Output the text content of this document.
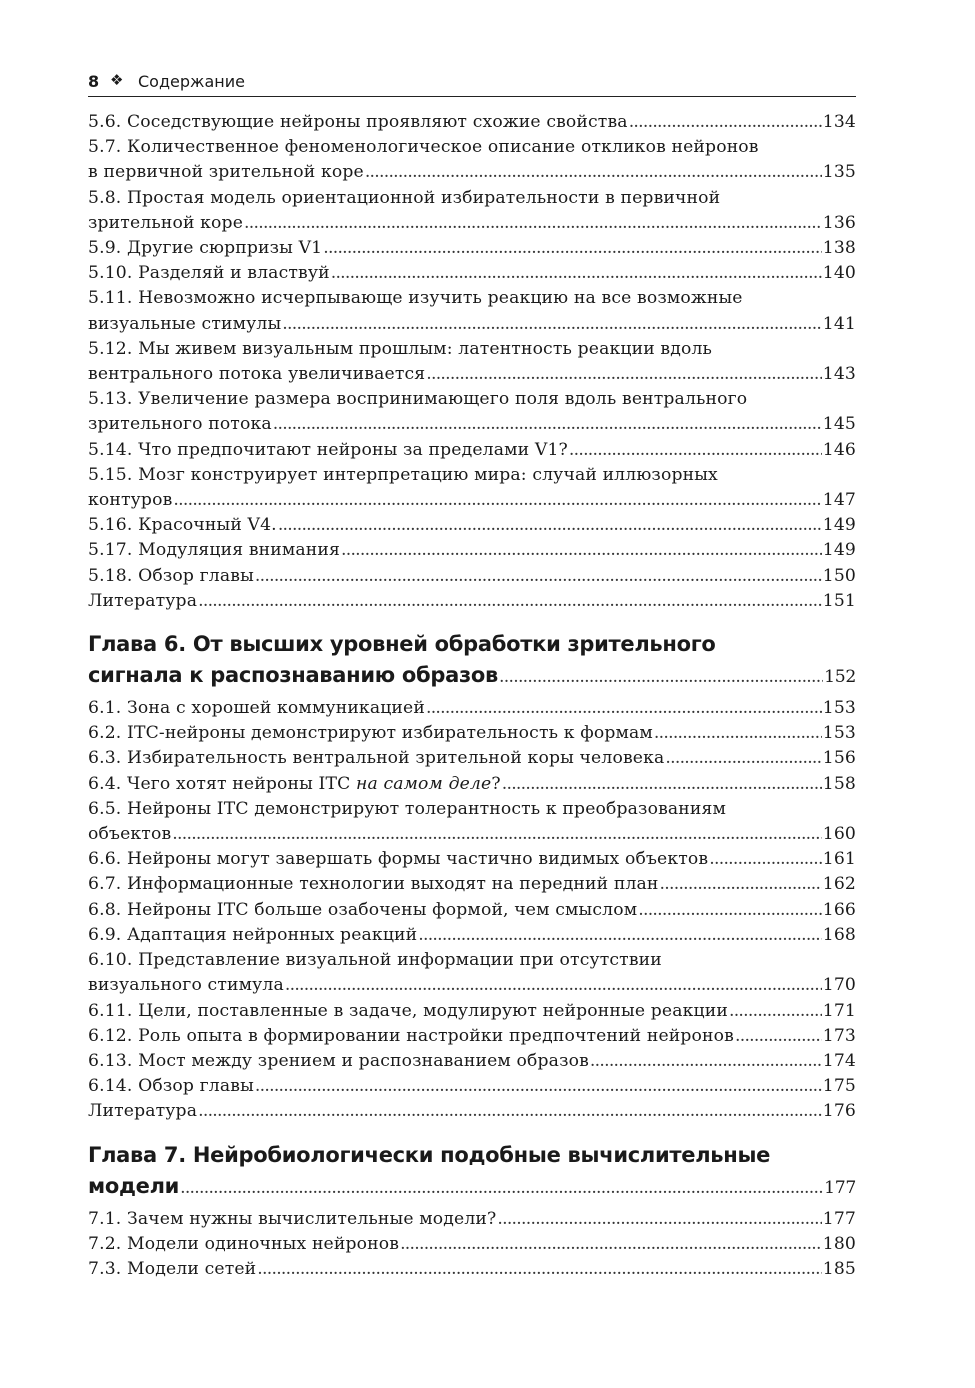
8 ❖ Содержание
5.6. Соседствующие нейроны проявляют схожие свойства . . .	134
5.7. Количественное феноменологическое описание откликов нейронов
в первичной зрительной коре . . .	135
5.8. Простая модель ориентационной избирательности в первичной
зрительной коре . . .	136
5.9. Другие сюрпризы V1 . . .	138
5.10. Разделяй и властвуй . . .	140
5.11. Невозможно исчерпывающе изучить реакцию на все возможные
визуальные стимулы . . .	141
5.12. Мы живем визуальным прошлым: латентность реакции вдоль
вентрального потока увеличивается . . .	143
5.13. Увеличение размера воспринимающего поля вдоль вентрального
зрительного потока . . .	145
5.14. Что предпочитают нейроны за пределами V1? . . .	146
5.15. Мозг конструирует интерпретацию мира: случай иллюзорных
контуров . . .	147
5.16. Красочный V4. . . .	149
5.17. Модуляция внимания . . .	149
5.18. Обзор главы . . .	150
Литература . . .	151
Глава 6. От высших уровней обработки зрительного
сигнала к распознаванию образов . . .	152
6.1. Зона с хорошей коммуникацией . . .	153
6.2. ITC-нейроны демонстрируют избирательность к формам . . .	153
6.3. Избирательность вентральной зрительной коры человека . . .	156
6.4. Чего хотят нейроны ITC на самом деле? . . .	158
6.5. Нейроны ITC демонстрируют толерантность к преобразованиям
объектов . . .	160
6.6. Нейроны могут завершать формы частично видимых объектов . . .	161
6.7. Информационные технологии выходят на передний план . . .	162
6.8. Нейроны ITC больше озабочены формой, чем смыслом . . .	166
6.9. Адаптация нейронных реакций . . .	168
6.10. Представление визуальной информации при отсутствии
визуального стимула . . .	170
6.11. Цели, поставленные в задаче, модулируют нейронные реакции . . .	171
6.12. Роль опыта в формировании настройки предпочтений нейронов . . .	173
6.13. Мост между зрением и распознаванием образов . . .	174
6.14. Обзор главы . . .	175
Литература . . .	176
Глава 7. Нейробиологически подобные вычислительные
модели . . .	177
7.1. Зачем нужны вычислительные модели? . . .	177
7.2. Модели одиночных нейронов . . .	180
7.3. Модели сетей . . .	185
